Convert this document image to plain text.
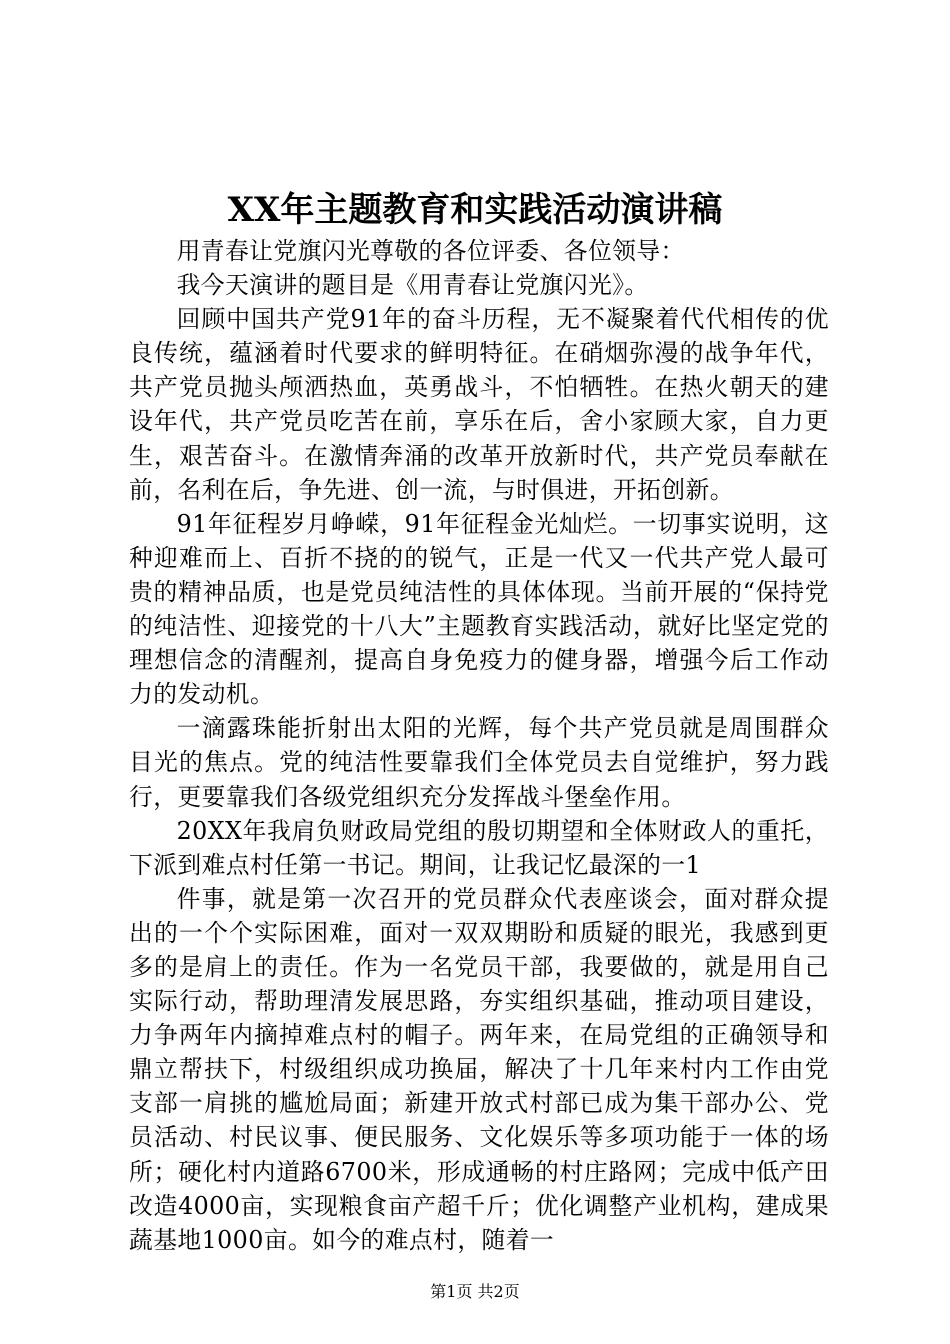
XX年主题教育和实践活动演讲稿

用青春让党旗闪光尊敬的各位评委、各位领导：

我今天演讲的题目是《用青春让党旗闪光》。

回顾中国共产党91年的奋斗历程，无不凝聚着代代相传的优良传统，蕴涵着时代要求的鲜明特征。在硝烟弥漫的战争年代，共产党员抛头颅洒热血，英勇战斗，不怕牺牲。在热火朝天的建设年代，共产党员吃苦在前，享乐在后，舍小家顾大家，自力更生，艰苦奋斗。在激情奔涌的改革开放新时代，共产党员奉献在前，名利在后，争先进、创一流，与时俱进，开拓创新。

91年征程岁月峥嵘，91年征程金光灿烂。一切事实说明，这种迎难而上、百折不挠的的锐气，正是一代又一代共产党人最可贵的精神品质，也是党员纯洁性的具体体现。当前开展的“保持党的纯洁性、迎接党的十八大”主题教育实践活动，就好比坚定党的理想信念的清醒剂，提高自身免疫力的健身器，增强今后工作动力的发动机。

一滴露珠能折射出太阳的光辉，每个共产党员就是周围群众目光的焦点。党的纯洁性要靠我们全体党员去自觉维护，努力践行，更要靠我们各级党组织充分发挥战斗堡垒作用。

20XX年我肩负财政局党组的殷切期望和全体财政人的重托，下派到难点村任第一书记。期间，让我记忆最深的一1

件事，就是第一次召开的党员群众代表座谈会，面对群众提出的一个个实际困难，面对一双双期盼和质疑的眼光，我感到更多的是肩上的责任。作为一名党员干部，我要做的，就是用自己实际行动，帮助理清发展思路，夯实组织基础，推动项目建设，力争两年内摘掉难点村的帽子。两年来，在局党组的正确领导和鼎立帮扶下，村级组织成功换届，解决了十几年来村内工作由党支部一肩挑的尴尬局面；新建开放式村部已成为集干部办公、党员活动、村民议事、便民服务、文化娱乐等多项功能于一体的场所；硬化村内道路6700米，形成通畅的村庄路网；完成中低产田改造4000亩，实现粮食亩产超千斤；优化调整产业机构，建成果蔬基地1000亩。如今的难点村，随着一

第1页 共2页
